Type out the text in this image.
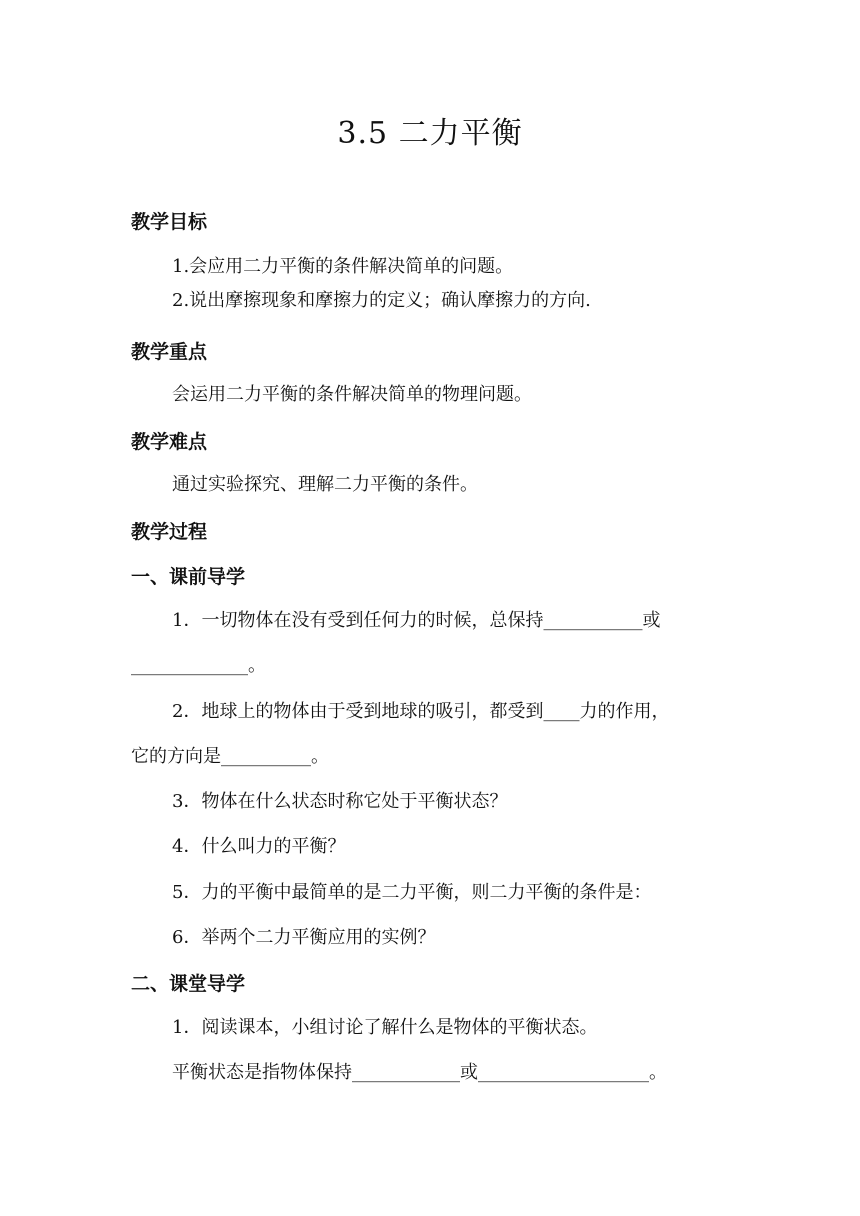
3.5 二力平衡
教学目标
1.会应用二力平衡的条件解决简单的问题。
2.说出摩擦现象和摩擦力的定义；确认摩擦力的方向.
教学重点
会运用二力平衡的条件解决简单的物理问题。
教学难点
通过实验探究、理解二力平衡的条件。
教学过程
一、课前导学
1．一切物体在没有受到任何力的时候，总保持___________或
_____________。
2．地球上的物体由于受到地球的吸引，都受到____力的作用，
它的方向是__________。
3．物体在什么状态时称它处于平衡状态？
4．什么叫力的平衡？
5．力的平衡中最简单的是二力平衡，则二力平衡的条件是：
6．举两个二力平衡应用的实例？
二、课堂导学
1．阅读课本，小组讨论了解什么是物体的平衡状态。
平衡状态是指物体保持____________或___________________。
